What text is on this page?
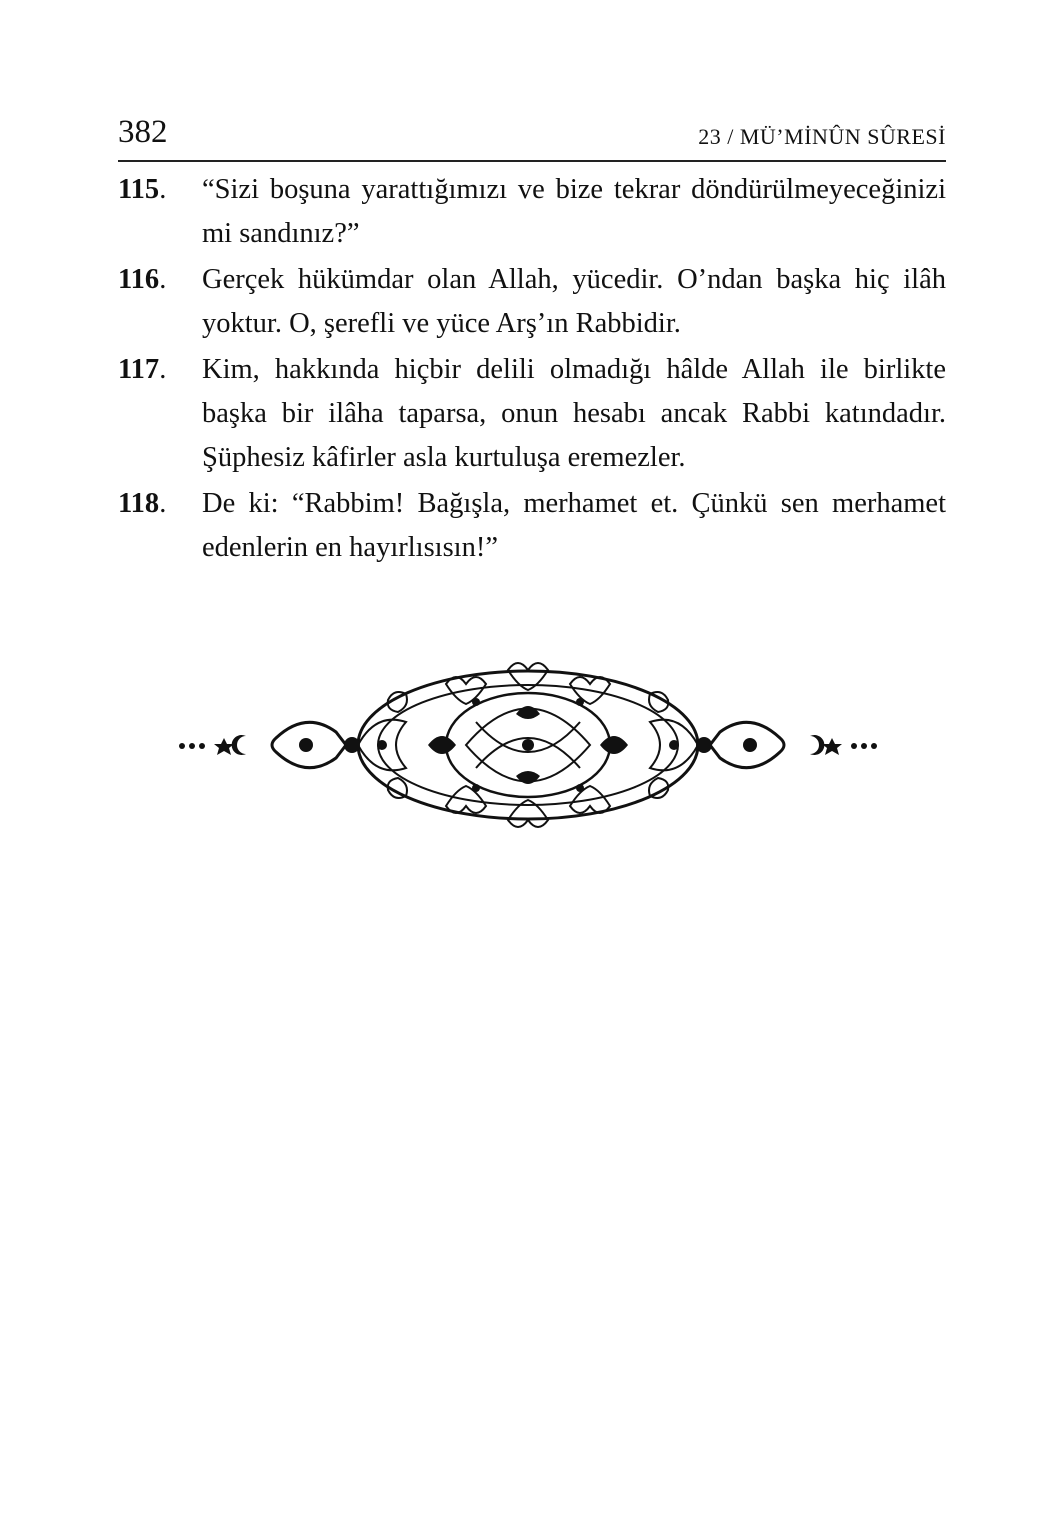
382	23 / MÜ’MİNÛN SÛRESİ
115. “Sizi boşuna yarattığımızı ve bize tekrar döndürülmeyeceğinizi mi sandınız?”
116. Gerçek hükümdar olan Allah, yücedir. O’ndan başka hiç ilâh yoktur. O, şerefli ve yüce Arş’ın Rabbidir.
117. Kim, hakkında hiçbir delili olmadığı hâlde Allah ile birlikte başka bir ilâha taparsa, onun hesabı ancak Rabbi katındadır. Şüphesiz kâfirler asla kurtuluşa eremezler.
118. De ki: “Rabbim! Bağışla, merhamet et. Çünkü sen merhamet edenlerin en hayırlısısın!”
